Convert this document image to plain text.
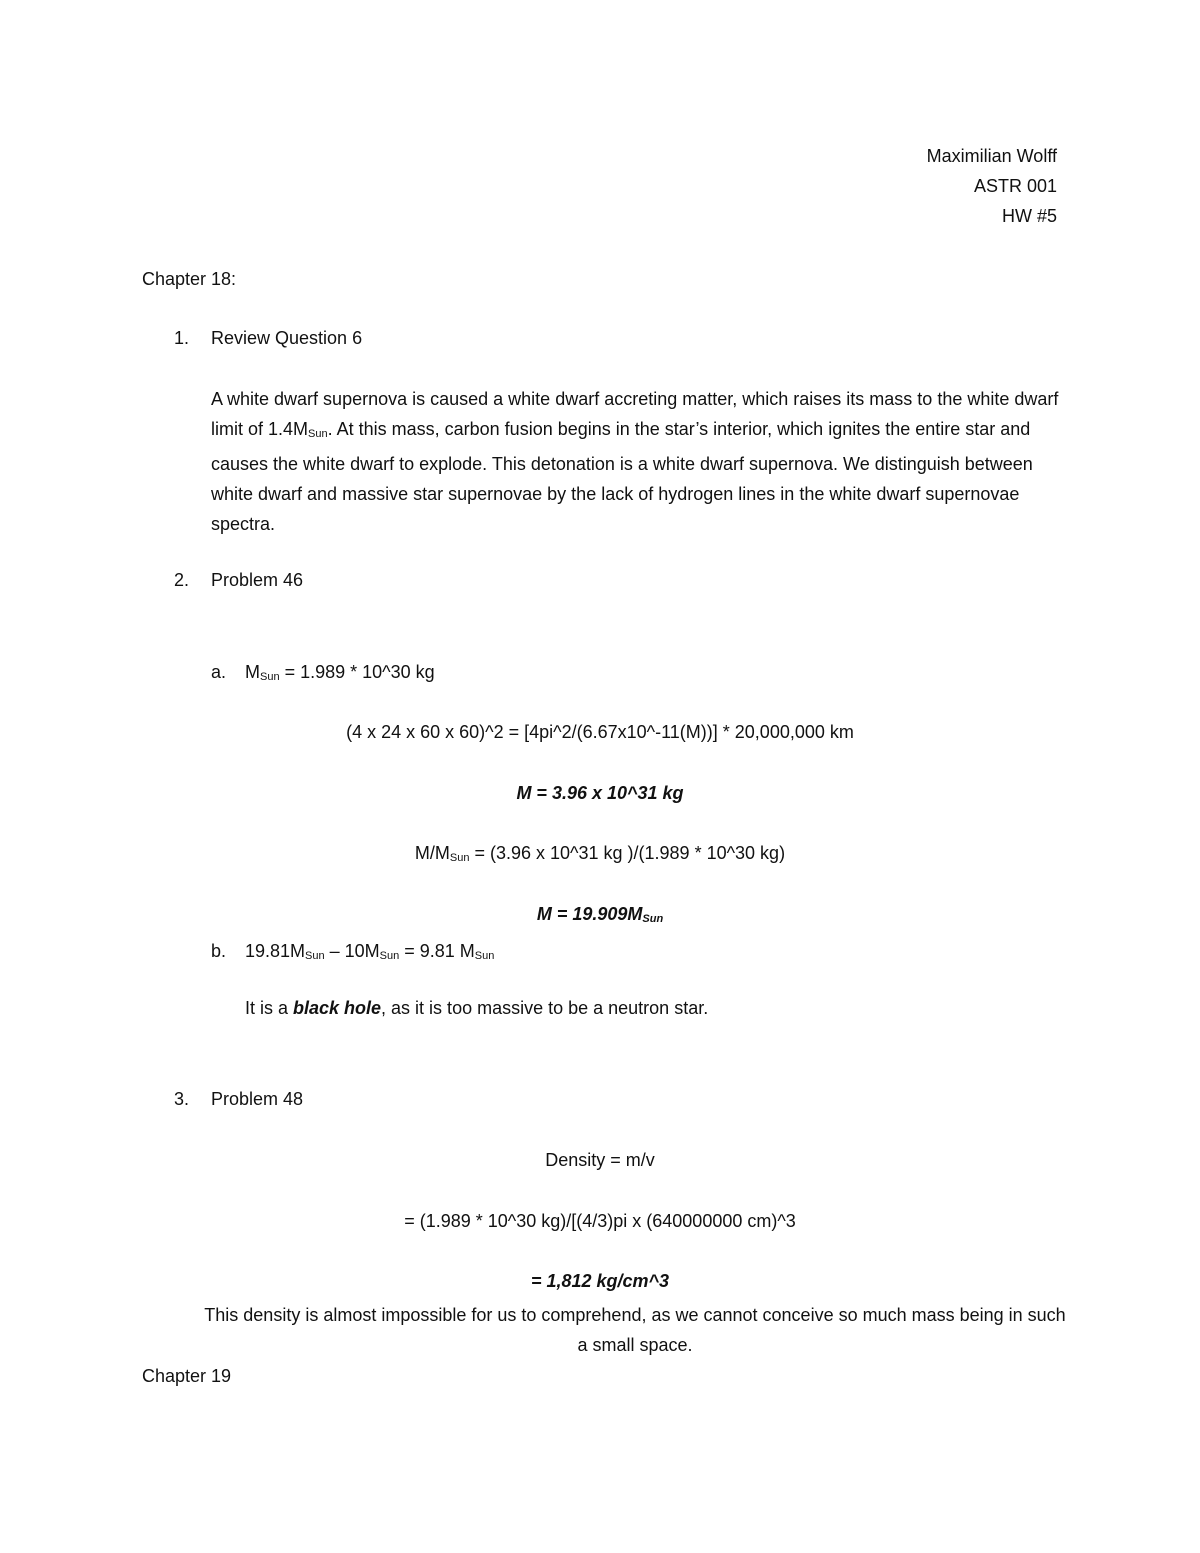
Maximilian Wolff
ASTR 001
HW #5
Chapter 18:
1. Review Question 6
A white dwarf supernova is caused a white dwarf accreting matter, which raises its mass to the white dwarf limit of 1.4MSun. At this mass, carbon fusion begins in the star’s interior, which ignites the entire star and causes the white dwarf to explode. This detonation is a white dwarf supernova. We distinguish between white dwarf and massive star supernovae by the lack of hydrogen lines in the white dwarf supernovae spectra.
2. Problem 46
a. MSun = 1.989 * 10^30 kg
(4 x 24 x 60 x 60)^2 = [4pi^2/(6.67x10^-11(M))] * 20,000,000 km
M = 3.96 x 10^31 kg
M/MSun = (3.96 x 10^31 kg )/(1.989 * 10^30 kg)
M = 19.909MSun
b. 19.81MSun – 10MSun = 9.81 MSun
It is a black hole, as it is too massive to be a neutron star.
3. Problem 48
Density = m/v
= (1.989 * 10^30 kg)/[(4/3)pi x (640000000 cm)^3
= 1,812 kg/cm^3
This density is almost impossible for us to comprehend, as we cannot conceive so much mass being in such a small space.
Chapter 19
